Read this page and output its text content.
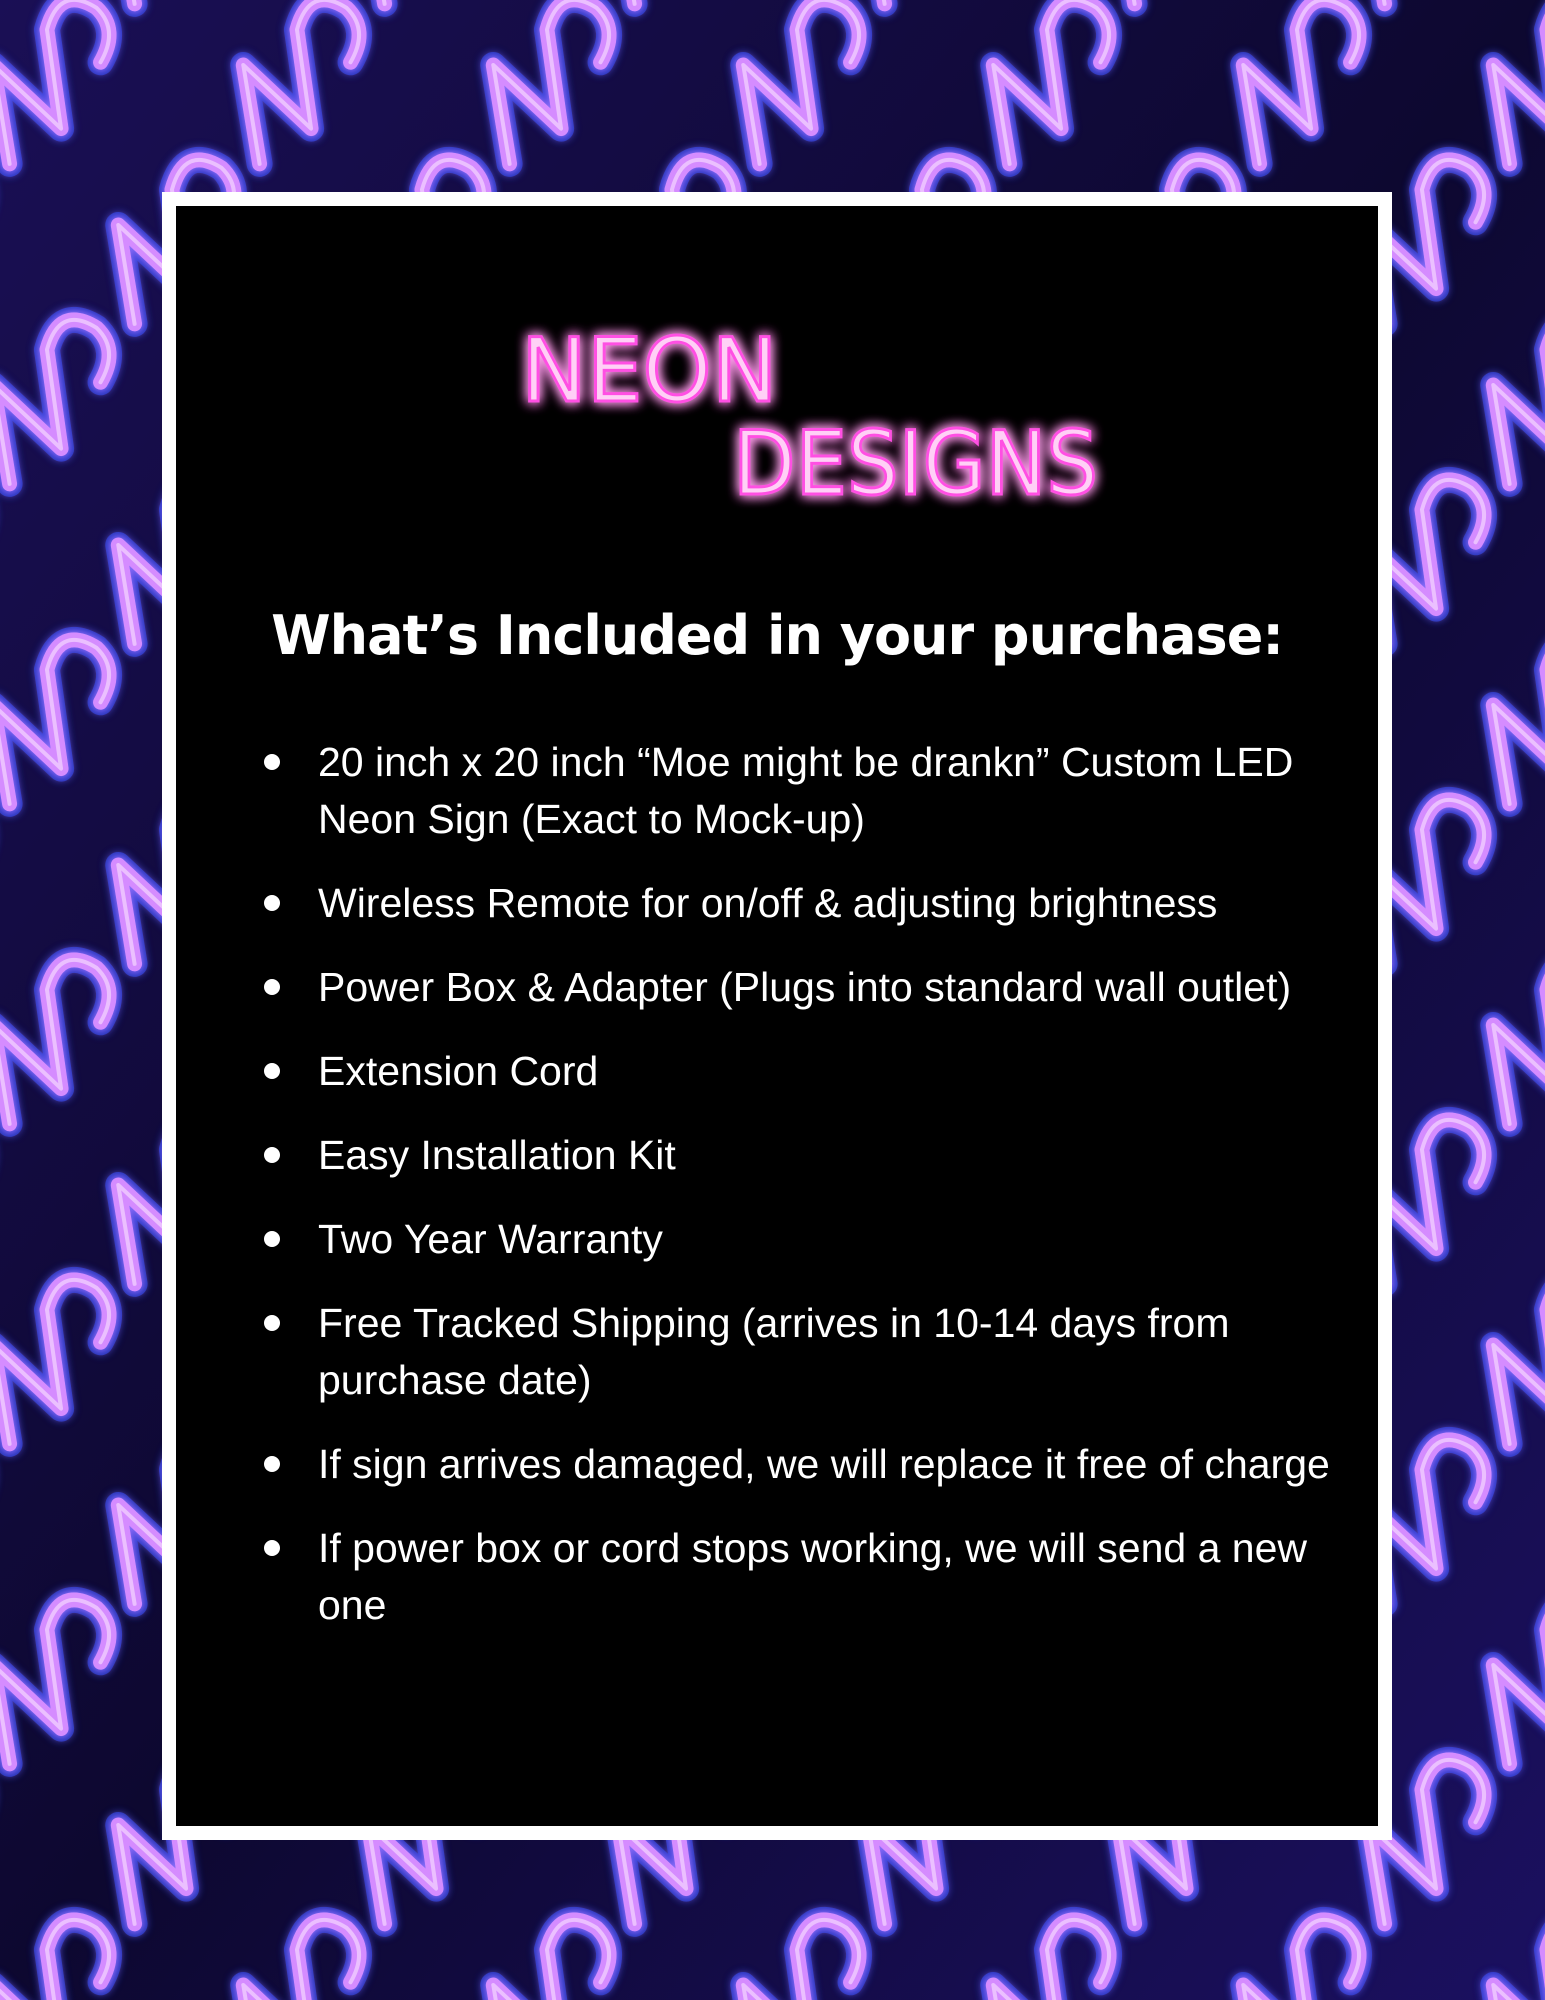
NEON
DESIGNS
What’s Included in your purchase:
20 inch x 20 inch “Moe might be drankn” Custom LED Neon Sign (Exact to Mock-up)
Wireless Remote for on/off & adjusting brightness
Power Box & Adapter (Plugs into standard wall outlet)
Extension Cord
Easy Installation Kit
Two Year Warranty
Free Tracked Shipping (arrives in 10-14 days from purchase date)
If sign arrives damaged, we will replace it free of charge
If power box or cord stops working, we will send a new one
